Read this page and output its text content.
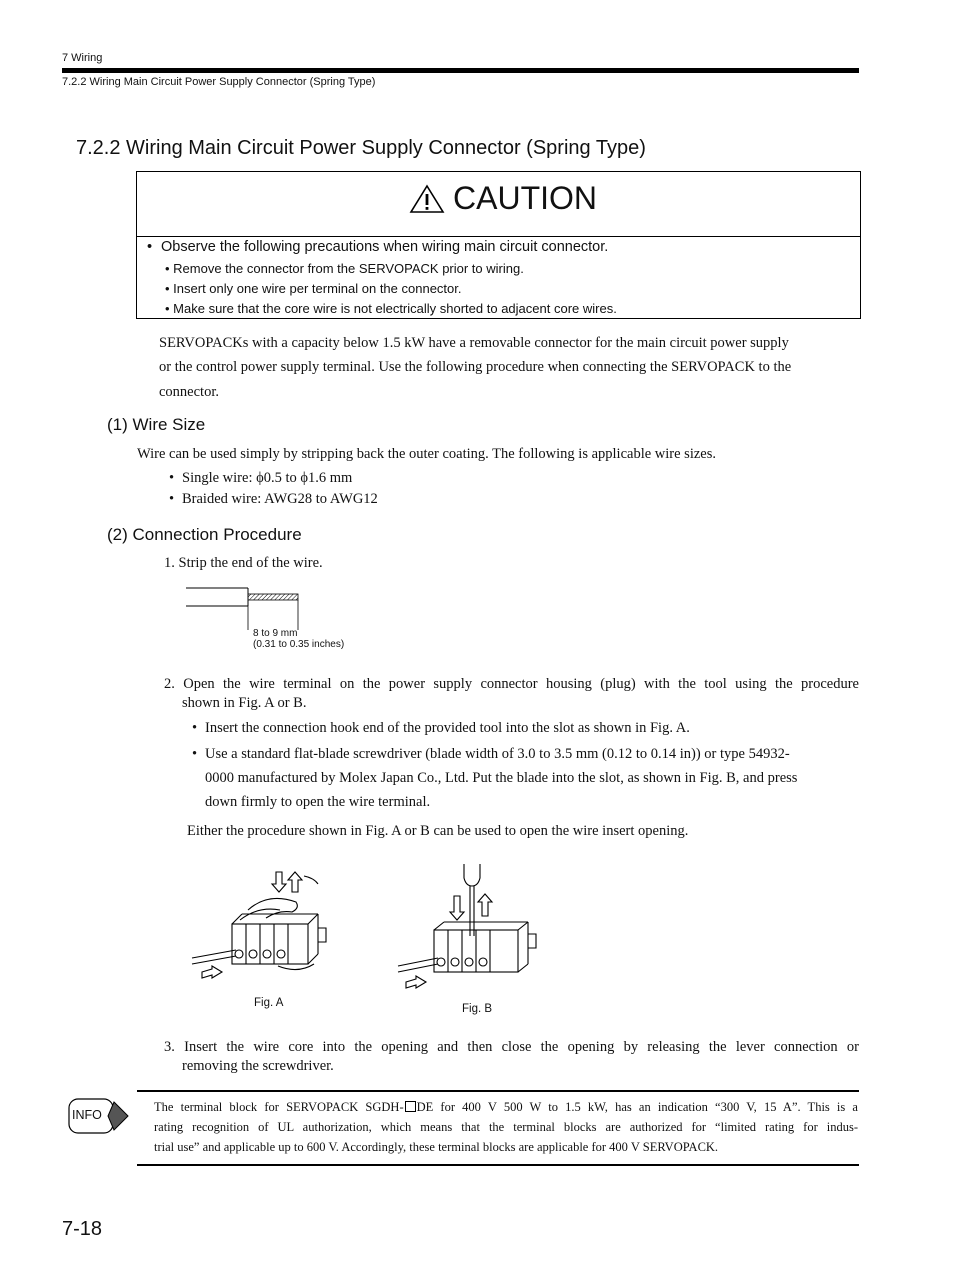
7 Wiring
7.2.2 Wiring Main Circuit Power Supply Connector (Spring Type)
7.2.2 Wiring Main Circuit Power Supply Connector (Spring Type)
CAUTION
• Observe the following precautions when wiring main circuit connector.
• Remove the connector from the SERVOPACK prior to wiring.
• Insert only one wire per terminal on the connector.
• Make sure that the core wire is not electrically shorted to adjacent core wires.
SERVOPACKs with a capacity below 1.5 kW have a removable connector for the main circuit power supply
or the control power supply terminal. Use the following procedure when connecting the SERVOPACK to the
connector.
(1) Wire Size
Wire can be used simply by stripping back the outer coating. The following is applicable wire sizes.
• Single wire: ϕ0.5 to ϕ1.6 mm
• Braided wire: AWG28 to AWG12
(2) Connection Procedure
1. Strip the end of the wire.
8 to 9 mm
(0.31 to 0.35 inches)
2. Open the wire terminal on the power supply connector housing (plug) with the tool using the procedure
shown in Fig. A or B.
• Insert the connection hook end of the provided tool into the slot as shown in Fig. A.
• Use a standard flat-blade screwdriver (blade width of 3.0 to 3.5 mm (0.12 to 0.14 in)) or type 54932-
0000 manufactured by Molex Japan Co., Ltd. Put the blade into the slot, as shown in Fig. B, and press
down firmly to open the wire terminal.
Either the procedure shown in Fig. A or B can be used to open the wire insert opening.
Fig. A	Fig. B
3. Insert the wire core into the opening and then close the opening by releasing the lever connection or
removing the screwdriver.
INFO
The terminal block for SERVOPACK SGDH- DE for 400 V 500 W to 1.5 kW, has an indication “300 V, 15 A”. This is a
rating recognition of UL authorization, which means that the terminal blocks are authorized for “limited rating for indus-
trial use” and applicable up to 600 V. Accordingly, these terminal blocks are applicable for 400 V SERVOPACK.
7-18
